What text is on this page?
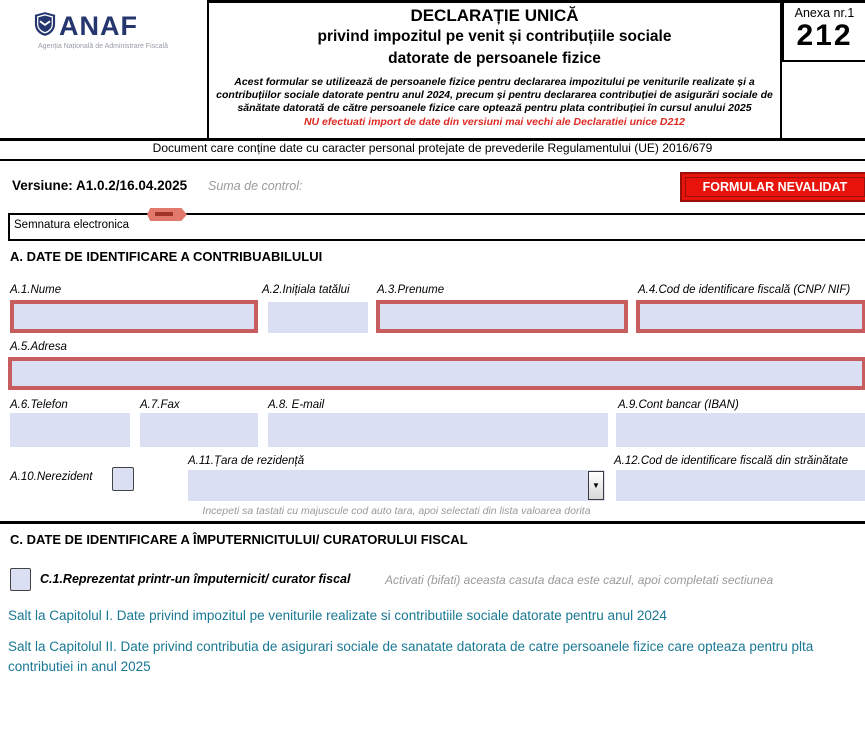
ANAF
Agenția Națională de Administrare Fiscală
DECLARAȚIE UNICĂ
privind impozitul pe venit și contribuțiile sociale
datorate de persoanele fizice
Acest formular se utilizează de persoanele fizice pentru declararea impozitului pe veniturile realizate și a contribuțiilor sociale datorate pentru anul 2024, precum și pentru declararea contribuției de asigurări sociale de sănătate datorată de către persoanele fizice care optează pentru plata contribuției în cursul anului 2025
NU efectuati import de date din versiuni mai vechi ale Declaratiei unice D212
Anexa nr.1
212
Document care conține date cu caracter personal protejate de prevederile Regulamentului (UE) 2016/679
Versiune: A1.0.2/16.04.2025 Suma de control:	FORMULAR NEVALIDAT
Semnatura electronica
A. DATE DE IDENTIFICARE A CONTRIBUABILULUI
A.1.Nume	A.2.Inițiala tatălui A.3.Prenume	A.4.Cod de identificare fiscală (CNP/ NIF)
A.5.Adresa
A.6.Telefon	A.7.Fax	A.8. E-mail	A.9.Cont bancar (IBAN)
A.10.Nerezident
A.11.Țara de rezidență
▼
Incepeti sa tastati cu majuscule cod auto tara, apoi selectati din lista valoarea dorita
A.12.Cod de identificare fiscală din străinătate
C. DATE DE IDENTIFICARE A ÎMPUTERNICITULUI/ CURATORULUI FISCAL
C.1.Reprezentat printr-un împuternicit/ curator fiscal	Activati (bifati) aceasta casuta daca este cazul, apoi completati sectiunea
Salt la Capitolul I. Date privind impozitul pe veniturile realizate si contributiile sociale datorate pentru anul 2024
Salt la Capitolul II. Date privind contributia de asigurari sociale de sanatate datorata de catre persoanele fizice care opteaza pentru plta contributiei in anul 2025
